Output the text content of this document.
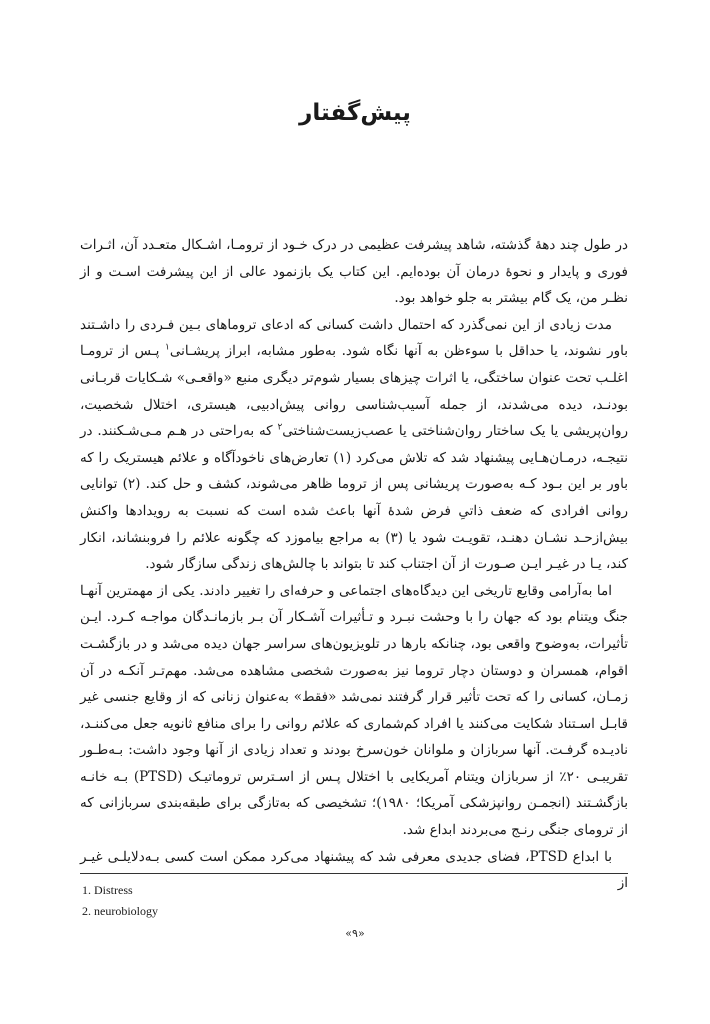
پیش‌گفتار

در طول چند دهۀ گذشته، شاهد پیشرفت عظیمی در درک خـود از ترومـا، اشـكال متعـدد آن، اثـرات فوری و پایدار و نحوۀ درمان آن بوده‌ایم. این کتاب یک بازنمود عالی از این پیشرفت اسـت و از نظـر من، یک گام بیشتر به جلو خواهد بود.

مدت زیادی از این نمی‌گذرد که احتمال داشت کسانی که ادعای تروماهای بـین فـردی را داشـتند باور نشوند، یا حداقل با سوءظن به آنها نگاه شود. بەطور مشابه، ابراز پریشـانی$^۱$ پـس از ترومـا اغلـب تحت عنوان ساختگی، یا اثرات چیزهای بسیار شوم‌تر دیگری منبع «واقعـی» شـکایات قربـانی بودنـد، دیده می‌شدند، از جمله آسیب‌شناسی روانی پیش‌ادبیی، هیستری، اختلال شخصیت، روان‌پریشی یا یک ساختار روان‌شناختی یا عصب‌زیست‌شناختی$^۲$ که به‌راحتی در هـم مـی‌شـکنند. در نتیجـه، درمـان‌هـایی پیشنهاد شد که تلاش می‌کرد (۱) تعارض‌های ناخودآگاه و علائم هیستریک را که باور بر این بـود کـه به‌صورت پریشانی پس از تروما ظاهر می‌شوند، کشف و حل کند. (۲) توانایی روانی افرادی که ضعف ذاتیِ فرض شدۀ آنها باعث شده است که نسبت به رویدادها واکنش بیش‌ازحـد نشـان دهنـد، تقویـت شود یا (۳) به مراجع بیاموزد که چگونه علائم را فروبنشاند، انکار کند، یـا در غیـر ایـن صـورت از آن اجتناب کند تا بتواند با چالش‌های زندگی سازگار شود.

اما به‌آرامی وقایع تاریخی این دیدگاه‌های اجتماعی و حرفه‌ای را تغییر دادند. یکی از مهمترین آنهـا جنگ ویتنام بود که جهان را با وحشت نبـرد و تـأثیرات آشـکار آن بـر بازمانـدگان مواجـه کـرد. ایـن تأثیرات، به‌وضوح واقعی بود، چنانکه بارها در تلویزیون‌های سراسر جهان دیده می‌شد و در بازگشـت اقوام، همسران و دوستان دچار تروما نیز به‌صورت شخصی مشاهده می‌شد. مهم‌تـر آنکـه در آن زمـان، کسانی را که تحت تأثیر قرار گرفتند نمی‌شد «فقط» به‌عنوان زنانی که از وقایع جنسی غیر قابـل اسـتناد شکایت می‌کنند یا افراد کم‌شماری که علائم روانی را برای منافع ثانویه جعل می‌کننـد، نادیـده گرفـت. آنها سربازان و ملوانان خون‌سرخ بودند و تعداد زیادی از آنها وجود داشت: بـه‌طـور تقریبـی ۲۰٪ از سربازان ویتنام آمریکایی با اختلال پـس از اسـترس تروماتیـک (PTSD) بـه خانـه بازگشـتند (انجمـن روانپزشکی آمریکا؛ ۱۹۸۰)؛ تشخیصی که به‌تازگی برای طبقه‌بندی سربازانی که از ترومای جنگی رنـج می‌بردند ابداع شد.

با ابداع PTSD، فضای جدیدی معرفی شد که پیشنهاد می‌کرد ممکن است کسی بـه‌دلایلـی غیـر از

1. Distress
2. neurobiology
«۹»
